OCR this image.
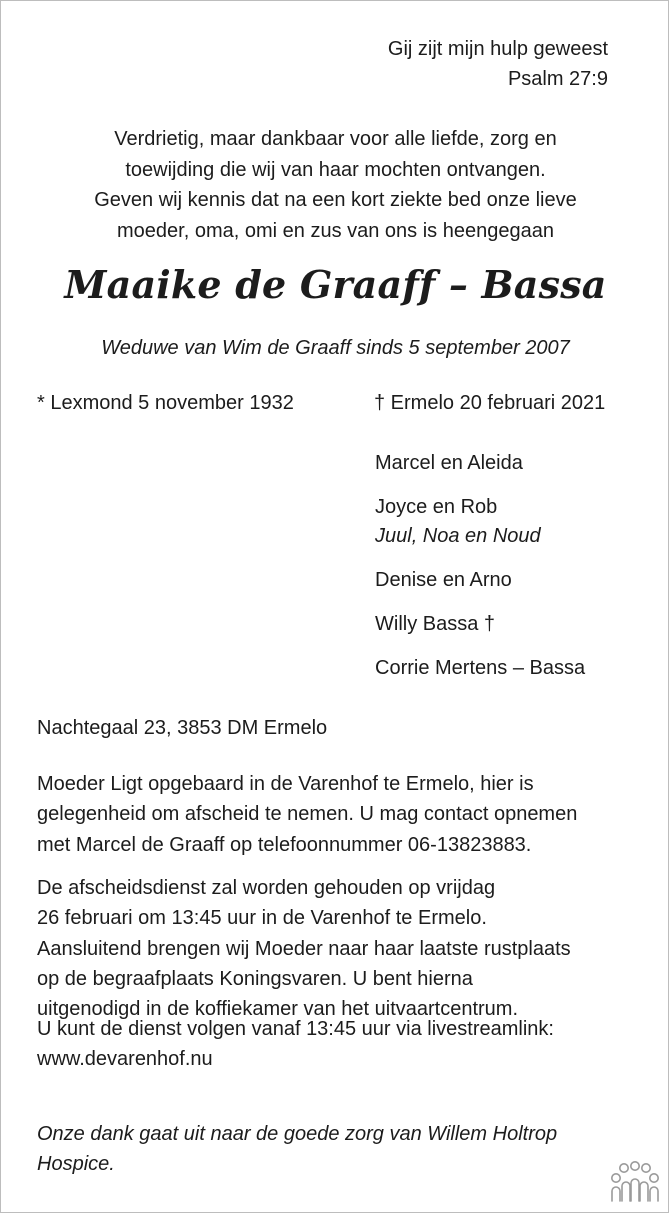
Gij zijt mijn hulp geweest

Psalm 27:9

Verdrietig, maar dankbaar voor alle liefde, zorg en
toewijding die wij van haar mochten ontvangen.
Geven wij kennis dat na een kort ziekte bed onze lieve
moeder, oma, omi en zus van ons is heengegaan
Maaike de Graaff – Bassa
Weduwe van Wim de Graaff sinds 5 september 2007

* Lexmond 5 november 1932	† Ermelo 20 februari 2021

Marcel en Aleida

Joyce en Rob

Juul, Noa en Noud

Denise en Arno

Willy Bassa †

Corrie Mertens – Bassa

Nachtegaal 23, 3853 DM Ermelo

Moeder Ligt opgebaard in de Varenhof te Ermelo, hier is
gelegenheid om afscheid te nemen. U mag contact opnemen
met Marcel de Graaff op telefoonnummer 06-13823883.
De afscheidsdienst zal worden gehouden op vrijdag
26 februari om 13:45 uur in de Varenhof te Ermelo.
Aansluitend brengen wij Moeder naar haar laatste rustplaats
op de begraafplaats Koningsvaren. U bent hierna
uitgenodigd in de koffiekamer van het uitvaartcentrum.
U kunt de dienst volgen vanaf 13:45 uur via livestreamlink:
www.devarenhof.nu
Onze dank gaat uit naar de goede zorg van Willem Holtrop
Hospice.
